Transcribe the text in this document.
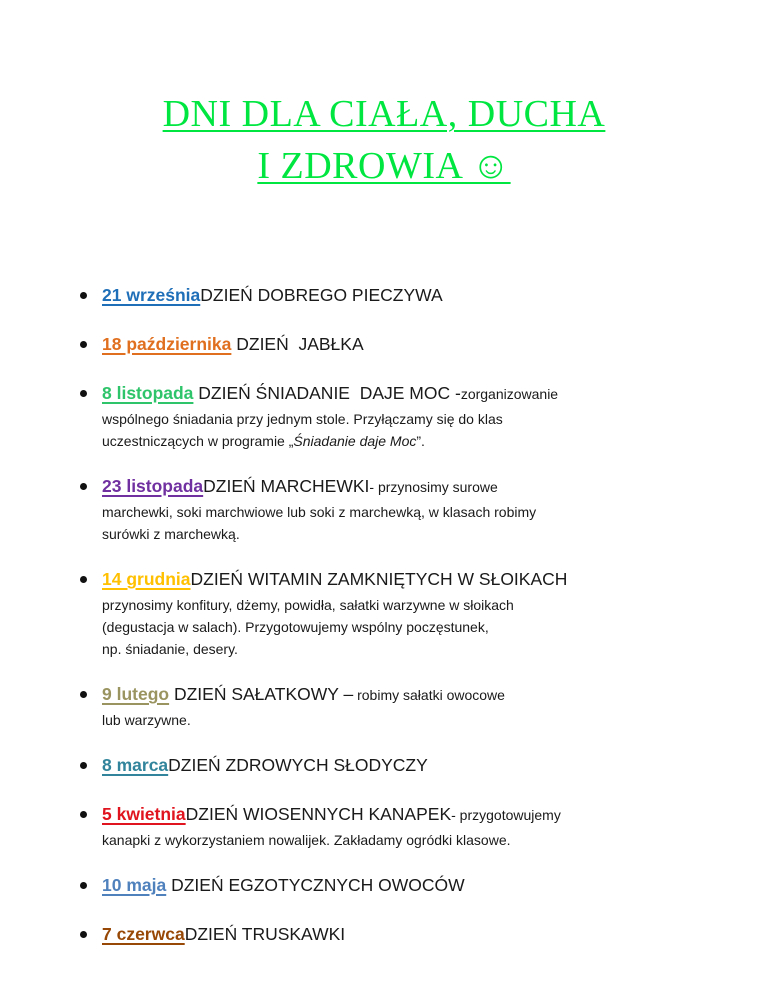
DNI DLA CIAŁA, DUCHA
I ZDROWIA ☺
21 wrześniaDZIEŃ DOBREGO PIECZYWA
18 października DZIEŃ  JABŁKA
8 listopada DZIEŃ ŚNIADANIE  DAJE MOC -zorganizowanie
wspólnego śniadania przy jednym stole. Przyłączamy się do klas
uczestniczących w programie „Śniadanie daje Moc”.
23 listopadaDZIEŃ MARCHEWKI- przynosimy surowe
marchewki, soki marchwiowe lub soki z marchewką, w klasach robimy
surówki z marchewką.
14 grudniaDZIEŃ WITAMIN ZAMKNIĘTYCH W SŁOIKACH
przynosimy konfitury, dżemy, powidła, sałatki warzywne w słoikach
(degustacja w salach). Przygotowujemy wspólny poczęstunek,
np. śniadanie, desery.
9 lutego DZIEŃ SAŁATKOWY – robimy sałatki owocowe
lub warzywne.
8 marcaDZIEŃ ZDROWYCH SŁODYCZY
5 kwietniaDZIEŃ WIOSENNYCH KANAPEK- przygotowujemy
kanapki z wykorzystaniem nowalijek. Zakładamy ogródki klasowe.
10 maja DZIEŃ EGZOTYCZNYCH OWOCÓW
7 czerwcaDZIEŃ TRUSKAWKI
